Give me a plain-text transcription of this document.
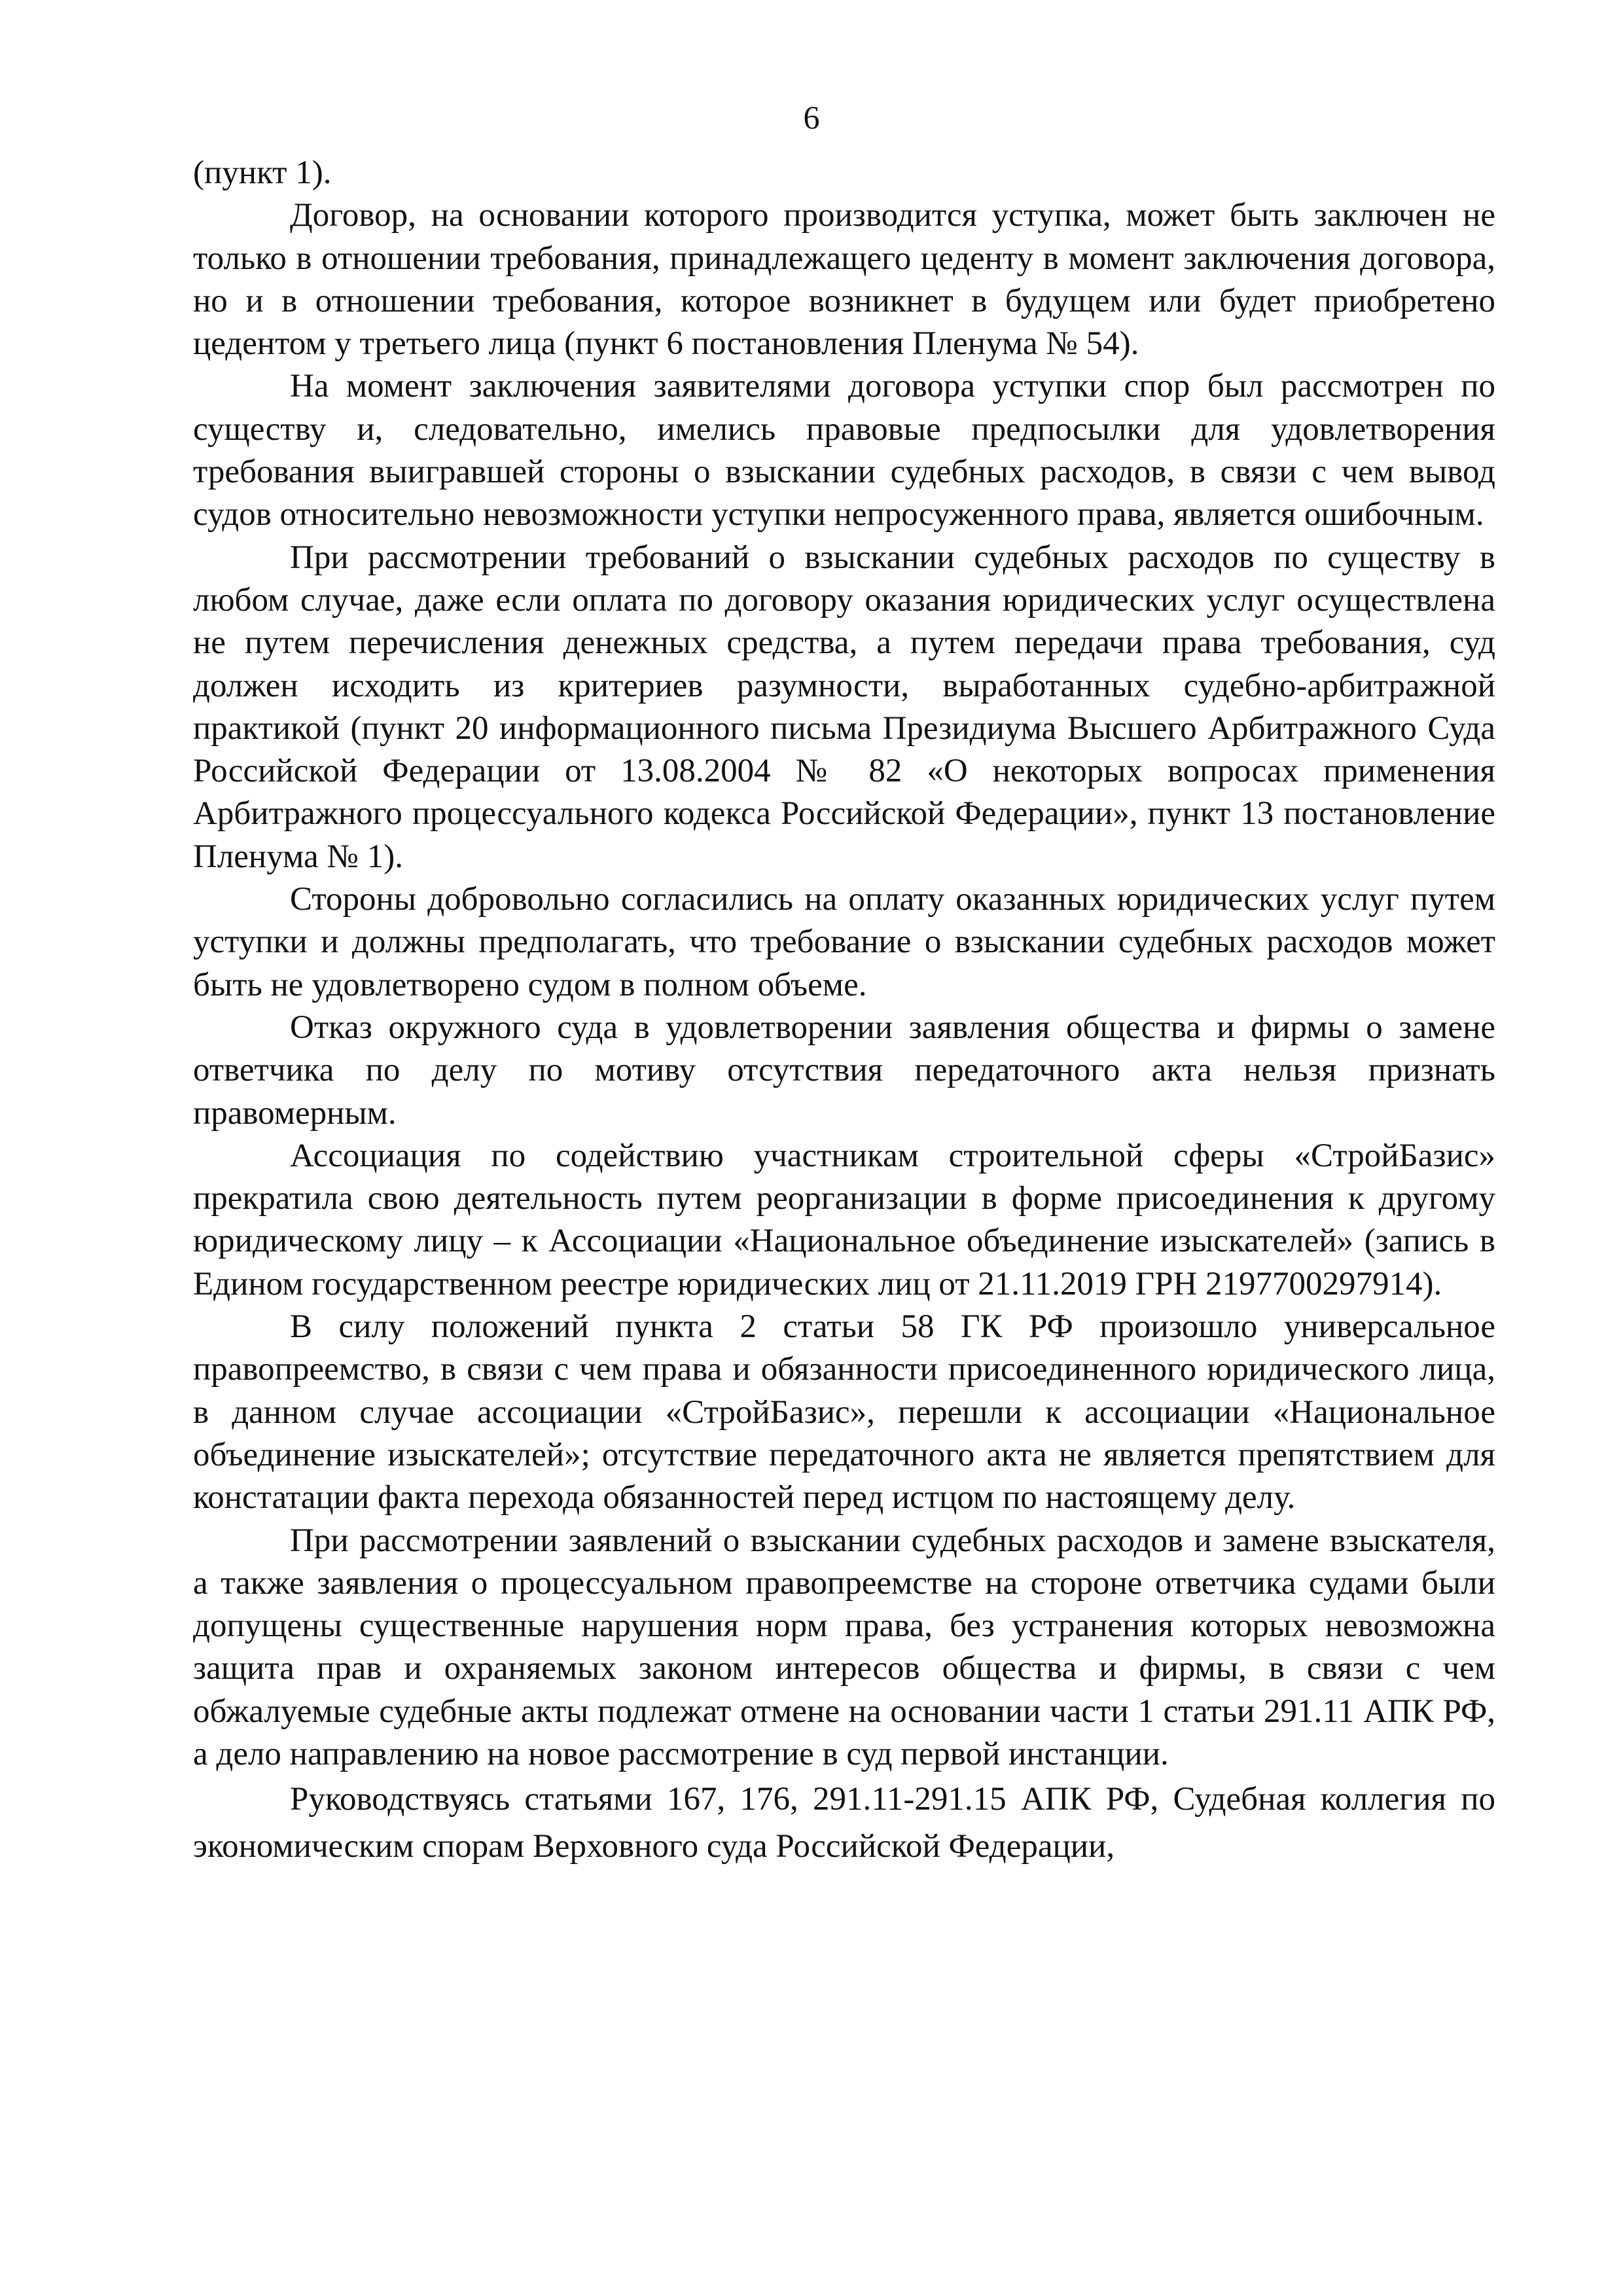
6

(пункт 1).

Договор, на основании которого производится уступка, может быть заключен не только в отношении требования, принадлежащего цеденту в момент заключения договора, но и в отношении требования, которое возникнет в будущем или будет приобретено цедентом у третьего лица (пункт 6 постановления Пленума № 54).

На момент заключения заявителями договора уступки спор был рассмотрен по существу и, следовательно, имелись правовые предпосылки для удовлетворения требования выигравшей стороны о взыскании судебных расходов, в связи с чем вывод судов относительно невозможности уступки непросуженного права, является ошибочным.

При рассмотрении требований о взыскании судебных расходов по существу в любом случае, даже если оплата по договору оказания юридических услуг осуществлена не путем перечисления денежных средства, а путем передачи права требования, суд должен исходить из критериев разумности, выработанных судебно-арбитражной практикой (пункт 20 информационного письма Президиума Высшего Арбитражного Суда Российской Федерации от 13.08.2004 № 82 «О некоторых вопросах применения Арбитражного процессуального кодекса Российской Федерации», пункт 13 постановление Пленума № 1).

Стороны добровольно согласились на оплату оказанных юридических услуг путем уступки и должны предполагать, что требование о взыскании судебных расходов может быть не удовлетворено судом в полном объеме.

Отказ окружного суда в удовлетворении заявления общества и фирмы о замене ответчика по делу по мотиву отсутствия передаточного акта нельзя признать правомерным.

Ассоциация по содействию участникам строительной сферы «СтройБазис» прекратила свою деятельность путем реорганизации в форме присоединения к другому юридическому лицу – к Ассоциации «Национальное объединение изыскателей» (запись в Едином государственном реестре юридических лиц от 21.11.2019 ГРН 2197700297914).

В силу положений пункта 2 статьи 58 ГК РФ произошло универсальное правопреемство, в связи с чем права и обязанности присоединенного юридического лица, в данном случае ассоциации «СтройБазис», перешли к ассоциации «Национальное объединение изыскателей»; отсутствие передаточного акта не является препятствием для констатации факта перехода обязанностей перед истцом по настоящему делу.

При рассмотрении заявлений о взыскании судебных расходов и замене взыскателя, а также заявления о процессуальном правопреемстве на стороне ответчика судами были допущены существенные нарушения норм права, без устранения которых невозможна защита прав и охраняемых законом интересов общества и фирмы, в связи с чем обжалуемые судебные акты подлежат отмене на основании части 1 статьи 291.11 АПК РФ, а дело направлению на новое рассмотрение в суд первой инстанции.

Руководствуясь статьями 167, 176, 291.11-291.15 АПК РФ, Судебная коллегия по экономическим спорам Верховного суда Российской Федерации,
